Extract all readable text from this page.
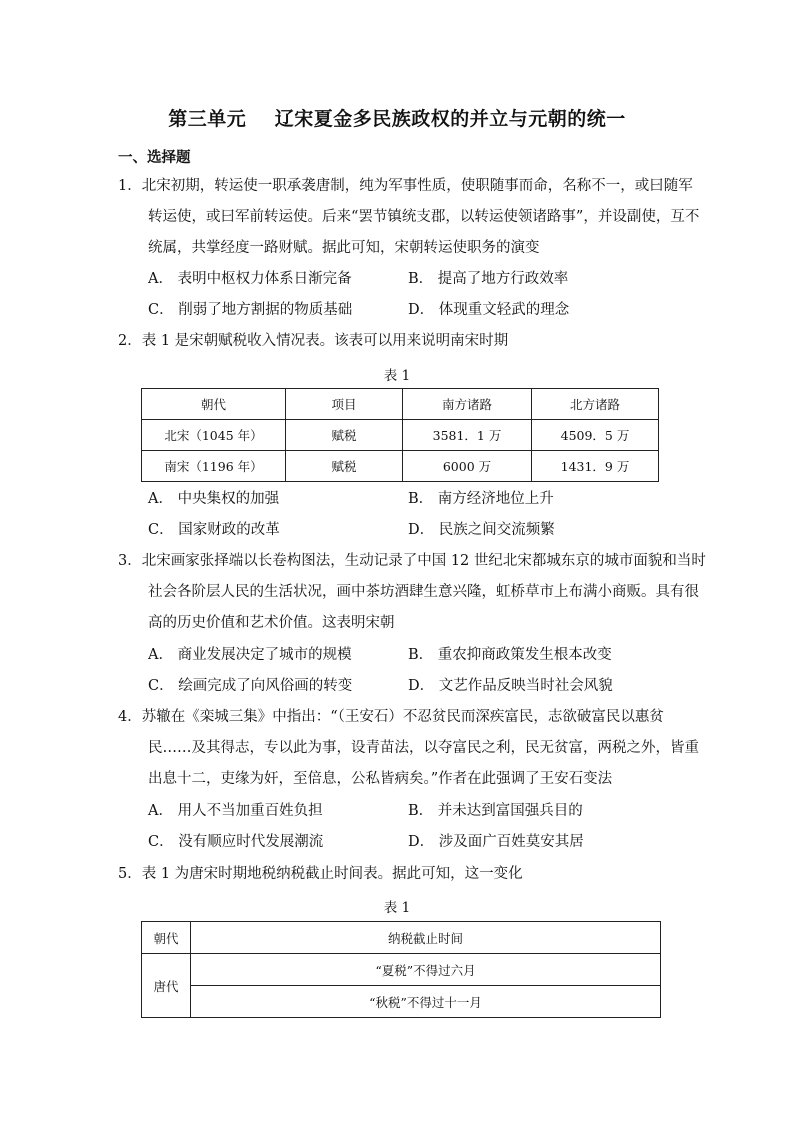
第三单元    辽宋夏金多民族政权的并立与元朝的统一
一、选择题
1．北宋初期，转运使一职承袭唐制，纯为军事性质，使职随事而命，名称不一，或曰随军
转运使，或曰军前转运使。后来“罢节镇统支郡，以转运使领诸路事”，并设副使，互不
统属，共掌经度一路财赋。据此可知，宋朝转运使职务的演变
A． 表明中枢权力体系日渐完备	B． 提高了地方行政效率
C． 削弱了地方割据的物质基础	D． 体现重文轻武的理念
2．表 1 是宋朝赋税收入情况表。该表可以用来说明南宋时期
表 1
朝代	项目	南方诸路	北方诸路
北宋（1045 年）	赋税	3581．1 万	4509．5 万
南宋（1196 年）	赋税	6000 万	1431．9 万
A． 中央集权的加强	B． 南方经济地位上升
C． 国家财政的改革	D． 民族之间交流频繁
3．北宋画家张择端以长卷构图法，生动记录了中国 12 世纪北宋都城东京的城市面貌和当时
社会各阶层人民的生活状况，画中茶坊酒肆生意兴隆，虹桥草市上布满小商贩。具有很
高的历史价值和艺术价值。这表明宋朝
A． 商业发展决定了城市的规模	B． 重农抑商政策发生根本改变
C． 绘画完成了向风俗画的转变	D． 文艺作品反映当时社会风貌
4．苏辙在《栾城三集》中指出：“（王安石）不忍贫民而深疾富民，志欲破富民以惠贫
民……及其得志，专以此为事，设青苗法，以夺富民之利，民无贫富，两税之外，皆重
出息十二，吏缘为奸，至倍息，公私皆病矣。”作者在此强调了王安石变法
A． 用人不当加重百姓负担	B． 并未达到富国强兵目的
C． 没有顺应时代发展潮流	D． 涉及面广百姓莫安其居
5．表 1 为唐宋时期地税纳税截止时间表。据此可知，这一变化
表 1
朝代	纳税截止时间
唐代	“夏税”不得过六月
	“秋税”不得过十一月
